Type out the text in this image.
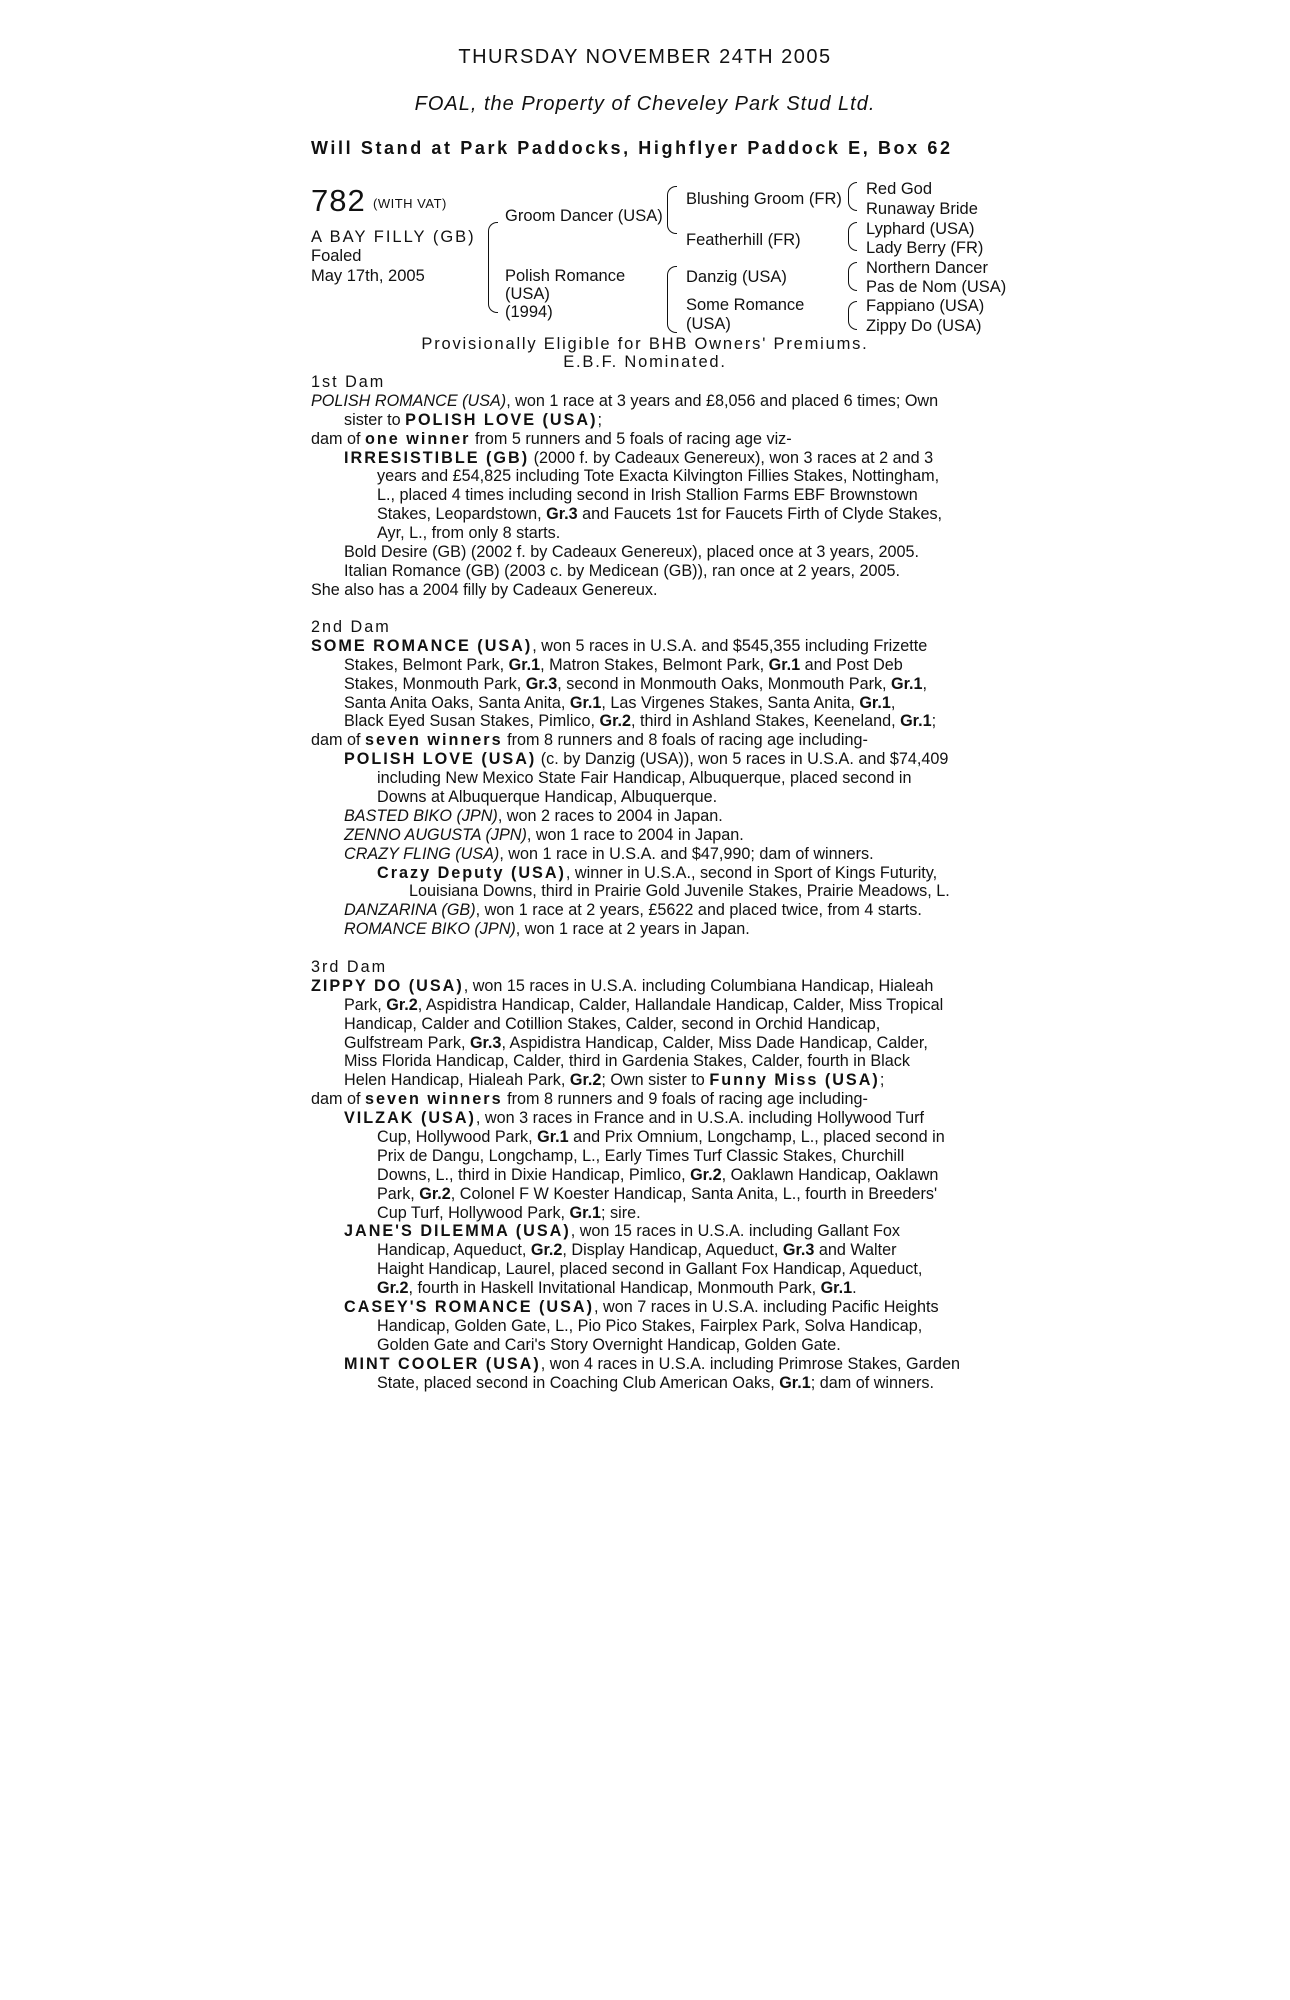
THURSDAY NOVEMBER 24TH 2005
FOAL, the Property of Cheveley Park Stud Ltd.
Will Stand at Park Paddocks, Highflyer Paddock E, Box 62
782 (WITH VAT)
A BAY FILLY (GB)
Foaled
May 17th, 2005
Groom Dancer (USA)
Polish Romance
(USA)
(1994)
Blushing Groom (FR)
Featherhill (FR)
Danzig (USA)
Some Romance
(USA)
Red God
Runaway Bride
Lyphard (USA)
Lady Berry (FR)
Northern Dancer
Pas de Nom (USA)
Fappiano (USA)
Zippy Do (USA)
Provisionally Eligible for BHB Owners' Premiums.
E.B.F. Nominated.
1st Dam
POLISH ROMANCE (USA), won 1 race at 3 years and £8,056 and placed 6 times; Own
sister to POLISH LOVE (USA);
dam of one winner from 5 runners and 5 foals of racing age viz-
IRRESISTIBLE (GB) (2000 f. by Cadeaux Genereux), won 3 races at 2 and 3
years and £54,825 including Tote Exacta Kilvington Fillies Stakes, Nottingham,
L., placed 4 times including second in Irish Stallion Farms EBF Brownstown
Stakes, Leopardstown, Gr.3 and Faucets 1st for Faucets Firth of Clyde Stakes,
Ayr, L., from only 8 starts.
Bold Desire (GB) (2002 f. by Cadeaux Genereux), placed once at 3 years, 2005.
Italian Romance (GB) (2003 c. by Medicean (GB)), ran once at 2 years, 2005.
She also has a 2004 filly by Cadeaux Genereux.
2nd Dam
SOME ROMANCE (USA), won 5 races in U.S.A. and $545,355 including Frizette
Stakes, Belmont Park, Gr.1, Matron Stakes, Belmont Park, Gr.1 and Post Deb
Stakes, Monmouth Park, Gr.3, second in Monmouth Oaks, Monmouth Park, Gr.1,
Santa Anita Oaks, Santa Anita, Gr.1, Las Virgenes Stakes, Santa Anita, Gr.1,
Black Eyed Susan Stakes, Pimlico, Gr.2, third in Ashland Stakes, Keeneland, Gr.1;
dam of seven winners from 8 runners and 8 foals of racing age including-
POLISH LOVE (USA) (c. by Danzig (USA)), won 5 races in U.S.A. and $74,409
including New Mexico State Fair Handicap, Albuquerque, placed second in
Downs at Albuquerque Handicap, Albuquerque.
BASTED BIKO (JPN), won 2 races to 2004 in Japan.
ZENNO AUGUSTA (JPN), won 1 race to 2004 in Japan.
CRAZY FLING (USA), won 1 race in U.S.A. and $47,990; dam of winners.
Crazy Deputy (USA), winner in U.S.A., second in Sport of Kings Futurity,
Louisiana Downs, third in Prairie Gold Juvenile Stakes, Prairie Meadows, L.
DANZARINA (GB), won 1 race at 2 years, £5622 and placed twice, from 4 starts.
ROMANCE BIKO (JPN), won 1 race at 2 years in Japan.
3rd Dam
ZIPPY DO (USA), won 15 races in U.S.A. including Columbiana Handicap, Hialeah
Park, Gr.2, Aspidistra Handicap, Calder, Hallandale Handicap, Calder, Miss Tropical
Handicap, Calder and Cotillion Stakes, Calder, second in Orchid Handicap,
Gulfstream Park, Gr.3, Aspidistra Handicap, Calder, Miss Dade Handicap, Calder,
Miss Florida Handicap, Calder, third in Gardenia Stakes, Calder, fourth in Black
Helen Handicap, Hialeah Park, Gr.2; Own sister to Funny Miss (USA);
dam of seven winners from 8 runners and 9 foals of racing age including-
VILZAK (USA), won 3 races in France and in U.S.A. including Hollywood Turf
Cup, Hollywood Park, Gr.1 and Prix Omnium, Longchamp, L., placed second in
Prix de Dangu, Longchamp, L., Early Times Turf Classic Stakes, Churchill
Downs, L., third in Dixie Handicap, Pimlico, Gr.2, Oaklawn Handicap, Oaklawn
Park, Gr.2, Colonel F W Koester Handicap, Santa Anita, L., fourth in Breeders'
Cup Turf, Hollywood Park, Gr.1; sire.
JANE'S DILEMMA (USA), won 15 races in U.S.A. including Gallant Fox
Handicap, Aqueduct, Gr.2, Display Handicap, Aqueduct, Gr.3 and Walter
Haight Handicap, Laurel, placed second in Gallant Fox Handicap, Aqueduct,
Gr.2, fourth in Haskell Invitational Handicap, Monmouth Park, Gr.1.
CASEY'S ROMANCE (USA), won 7 races in U.S.A. including Pacific Heights
Handicap, Golden Gate, L., Pio Pico Stakes, Fairplex Park, Solva Handicap,
Golden Gate and Cari's Story Overnight Handicap, Golden Gate.
MINT COOLER (USA), won 4 races in U.S.A. including Primrose Stakes, Garden
State, placed second in Coaching Club American Oaks, Gr.1; dam of winners.
